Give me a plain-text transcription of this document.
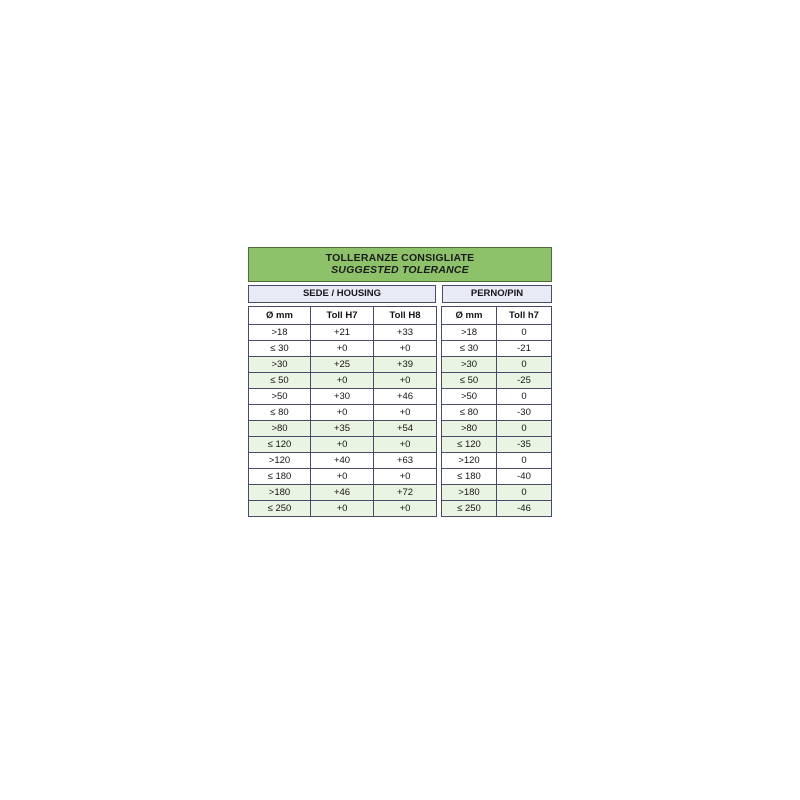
TOLLERANZE CONSIGLIATE
SUGGESTED TOLERANCE
SEDE / HOUSING	PERNO/PIN
Ø mm	Toll H7	Toll H8
>18	+21	+33
≤ 30	+0	+0
>30	+25	+39
≤ 50	+0	+0
>50	+30	+46
≤ 80	+0	+0
>80	+35	+54
≤ 120	+0	+0
>120	+40	+63
≤ 180	+0	+0
>180	+46	+72
≤ 250	+0	+0
Ø mm	Toll h7
>18	0
≤ 30	-21
>30	0
≤ 50	-25
>50	0
≤ 80	-30
>80	0
≤ 120	-35
>120	0
≤ 180	-40
>180	0
≤ 250	-46
